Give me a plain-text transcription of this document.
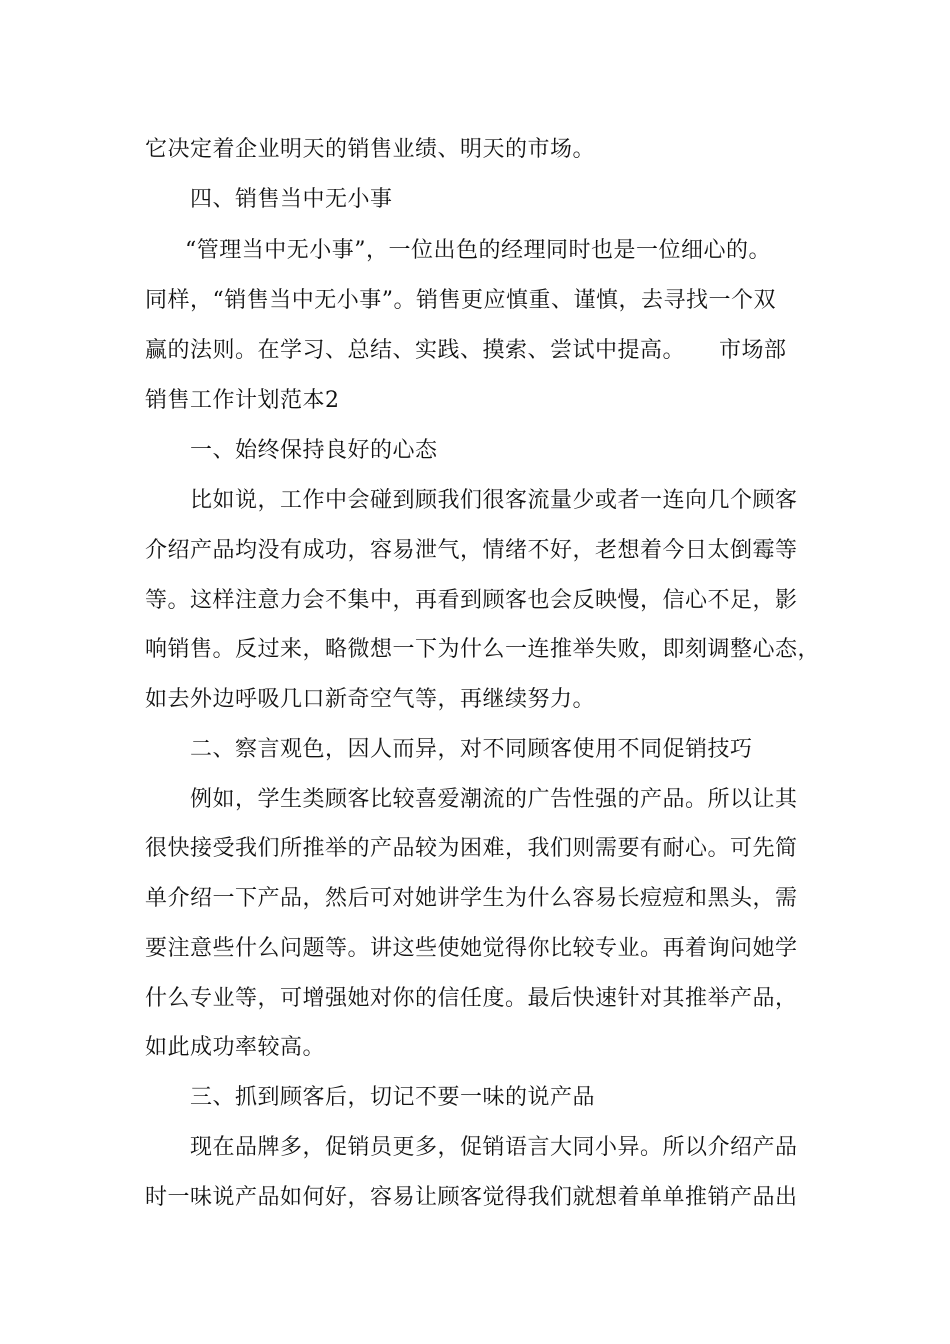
它决定着企业明天的销售业绩、明天的市场。
四、销售当中无小事
“管理当中无小事”，一位出色的经理同时也是一位细心的。
同样，“销售当中无小事”。销售更应慎重、谨慎，去寻找一个双
赢的法则。在学习、总结、实践、摸索、尝试中提高。　　市场部
销售工作计划范本2
一、始终保持良好的心态
比如说，工作中会碰到顾我们很客流量少或者一连向几个顾客
介绍产品均没有成功，容易泄气，情绪不好，老想着今日太倒霉等
等。这样注意力会不集中，再看到顾客也会反映慢，信心不足，影
响销售。反过来，略微想一下为什么一连推举失败，即刻调整心态，
如去外边呼吸几口新奇空气等，再继续努力。
二、察言观色，因人而异，对不同顾客使用不同促销技巧
例如，学生类顾客比较喜爱潮流的广告性强的产品。所以让其
很快接受我们所推举的产品较为困难，我们则需要有耐心。可先简
单介绍一下产品，然后可对她讲学生为什么容易长痘痘和黑头，需
要注意些什么问题等。讲这些使她觉得你比较专业。再着询问她学
什么专业等，可增强她对你的信任度。最后快速针对其推举产品，
如此成功率较高。
三、抓到顾客后，切记不要一味的说产品
现在品牌多，促销员更多，促销语言大同小异。所以介绍产品
时一味说产品如何好，容易让顾客觉得我们就想着单单推销产品出
